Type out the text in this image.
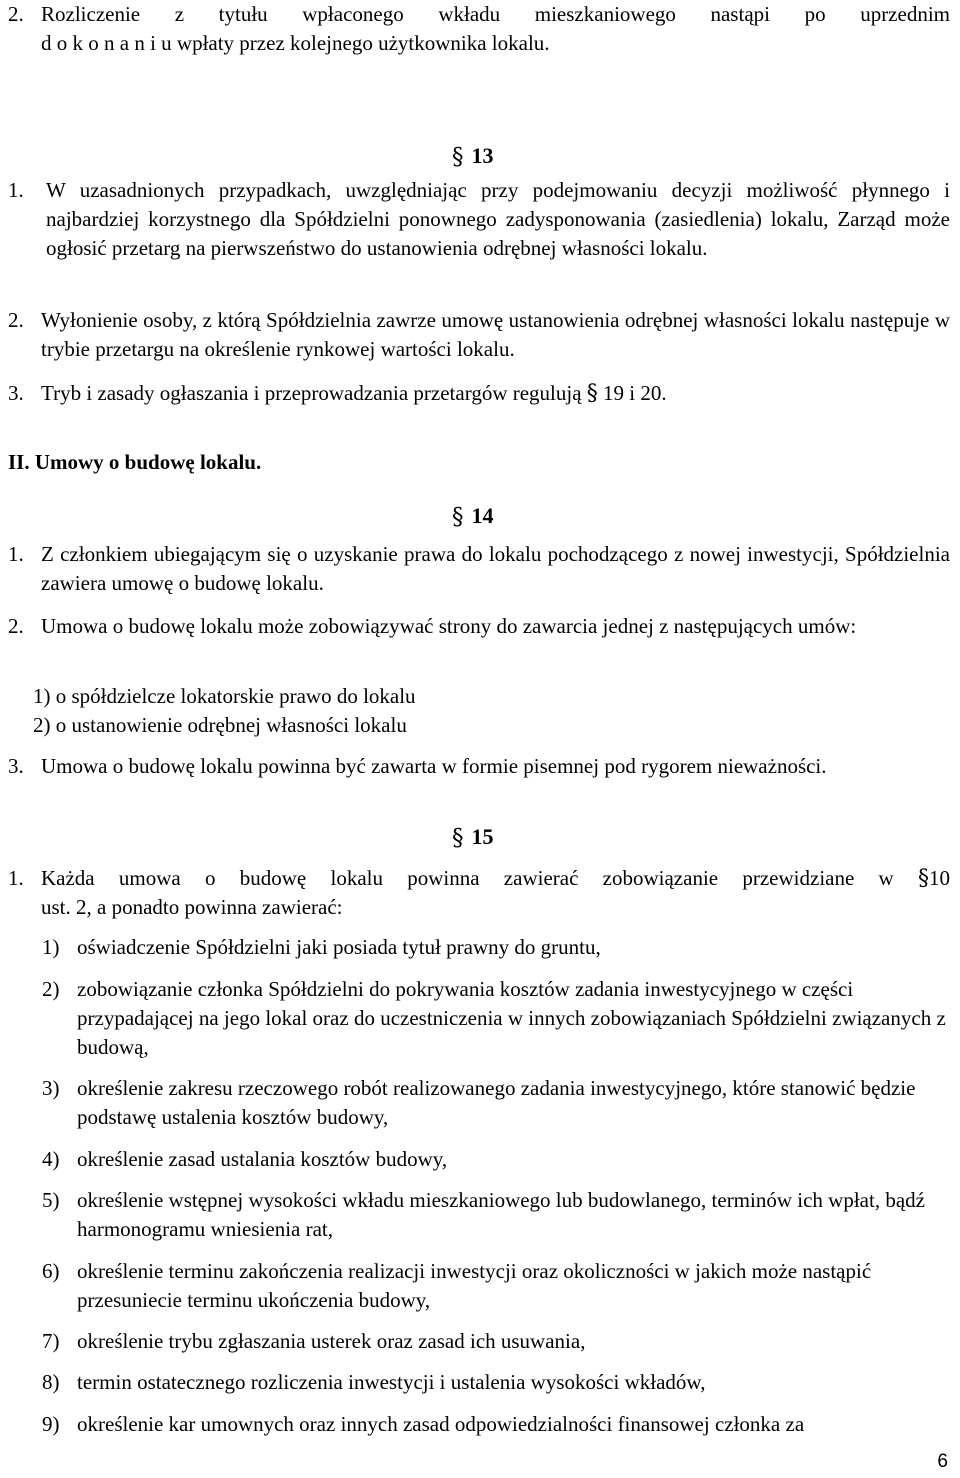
2. Rozliczenie z tytułu wpłaconego wkładu mieszkaniowego nastąpi po uprzednim
d o k o n a n i u wpłaty przez kolejnego użytkownika lokalu.
§ 13
1. W uzasadnionych przypadkach, uwzględniając przy podejmowaniu decyzji możliwość płynnego i najbardziej korzystnego dla Spółdzielni ponownego zadysponowania (zasiedlenia) lokalu, Zarząd może ogłosić przetarg na pierwszeństwo do ustanowienia odrębnej własności lokalu.
2. Wyłonienie osoby, z którą Spółdzielnia zawrze umowę ustanowienia odrębnej własności lokalu następuje w trybie przetargu na określenie rynkowej wartości lokalu.
3. Tryb i zasady ogłaszania i przeprowadzania przetargów regulują § 19 i 20.
II. Umowy o budowę lokalu.
§ 14
1. Z członkiem ubiegającym się o uzyskanie prawa do lokalu pochodzącego z nowej inwestycji, Spółdzielnia zawiera umowę o budowę lokalu.
2. Umowa o budowę lokalu może zobowiązywać strony do zawarcia jednej z następujących umów:
1) o spółdzielcze lokatorskie prawo do lokalu
2) o ustanowienie odrębnej własności lokalu
3. Umowa o budowę lokalu powinna być zawarta w formie pisemnej pod rygorem nieważności.
§ 15
1. Każda umowa o budowę lokalu powinna zawierać zobowiązanie przewidziane w §10
ust. 2, a ponadto powinna zawierać:
1) oświadczenie Spółdzielni jaki posiada tytuł prawny do gruntu,
2) zobowiązanie członka Spółdzielni do pokrywania kosztów zadania inwestycyjnego w części przypadającej na jego lokal oraz do uczestniczenia w innych zobowiązaniach Spółdzielni związanych z budową,
3) określenie zakresu rzeczowego robót realizowanego zadania inwestycyjnego, które stanowić będzie podstawę ustalenia kosztów budowy,
4) określenie zasad ustalania kosztów budowy,
5) określenie wstępnej wysokości wkładu mieszkaniowego lub budowlanego, terminów ich wpłat, bądź harmonogramu wniesienia rat,
6) określenie terminu zakończenia realizacji inwestycji oraz okoliczności w jakich może nastąpić przesuniecie terminu ukończenia budowy,
7) określenie trybu zgłaszania usterek oraz zasad ich usuwania,
8) termin ostatecznego rozliczenia inwestycji i ustalenia wysokości wkładów,
9) określenie kar umownych oraz innych zasad odpowiedzialności finansowej członka za
6
